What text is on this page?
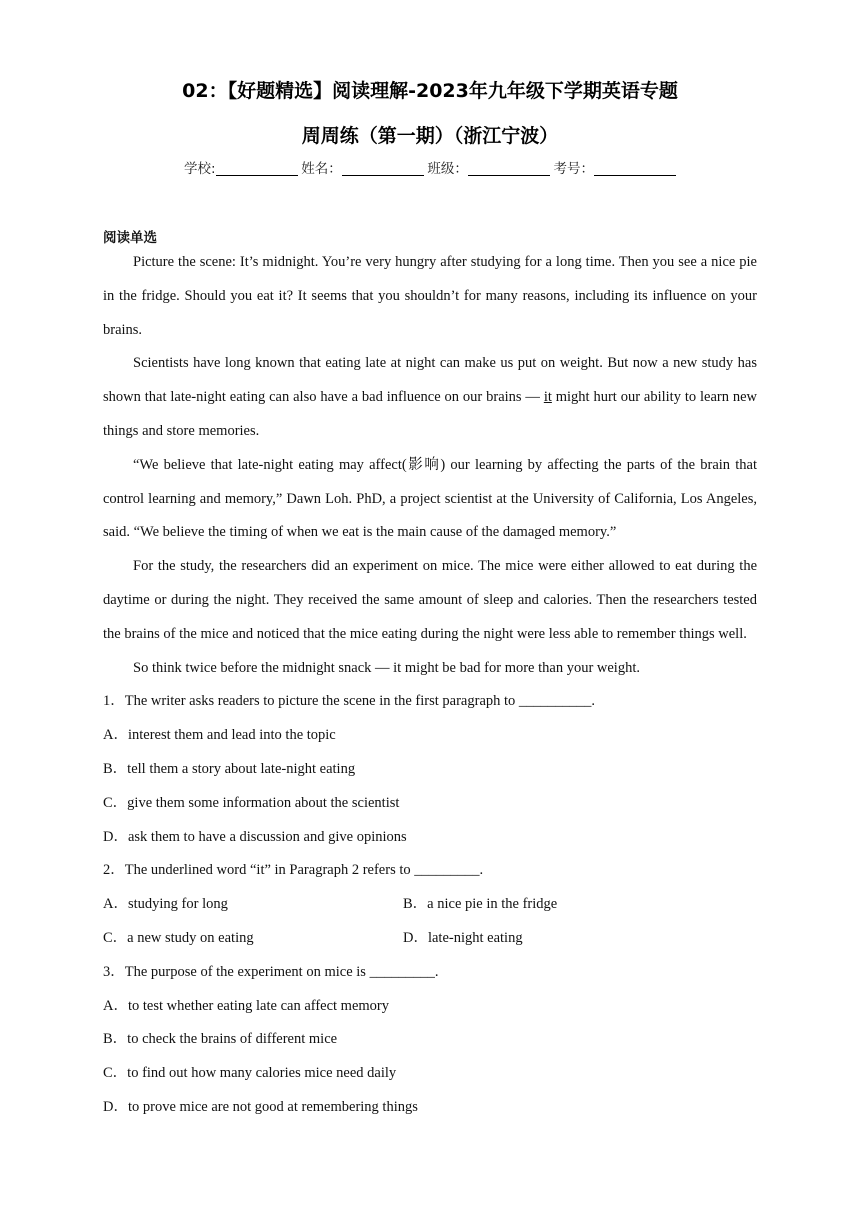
02：【好题精选】阅读理解-2023年九年级下学期英语专题
周周练（第一期）（浙江宁波）
学校:	姓名：	班级：	考号：
阅读单选

Picture the scene: It’s midnight. You’re very hungry after studying for a long time. Then you see a nice pie in the fridge. Should you eat it? It seems that you shouldn’t for many reasons, including its influence on your brains.

Scientists have long known that eating late at night can make us put on weight. But now a new study has shown that late-night eating can also have a bad influence on our brains — it might hurt our ability to learn new things and store memories.

“We believe that late-night eating may affect(影响) our learning by affecting the parts of the brain that control learning and memory,” Dawn Loh. PhD, a project scientist at the University of California, Los Angeles, said. “We believe the timing of when we eat is the main cause of the damaged memory.”

For the study, the researchers did an experiment on mice. The mice were either allowed to eat during the daytime or during the night. They received the same amount of sleep and calories. Then the researchers tested the brains of the mice and noticed that the mice eating during the night were less able to remember things well.

So think twice before the midnight snack — it might be bad for more than your weight.

1．The writer asks readers to picture the scene in the first paragraph to __________.

A．interest them and lead into the topic

B．tell them a story about late-night eating

C．give them some information about the scientist

D．ask them to have a discussion and give opinions

2．The underlined word “it” in Paragraph 2 refers to _________.

A．studying for long	B．a nice pie in the fridge
C．a new study on eating	D．late-night eating

3．The purpose of the experiment on mice is _________.

A．to test whether eating late can affect memory

B．to check the brains of different mice

C．to find out how many calories mice need daily

D．to prove mice are not good at remembering things
